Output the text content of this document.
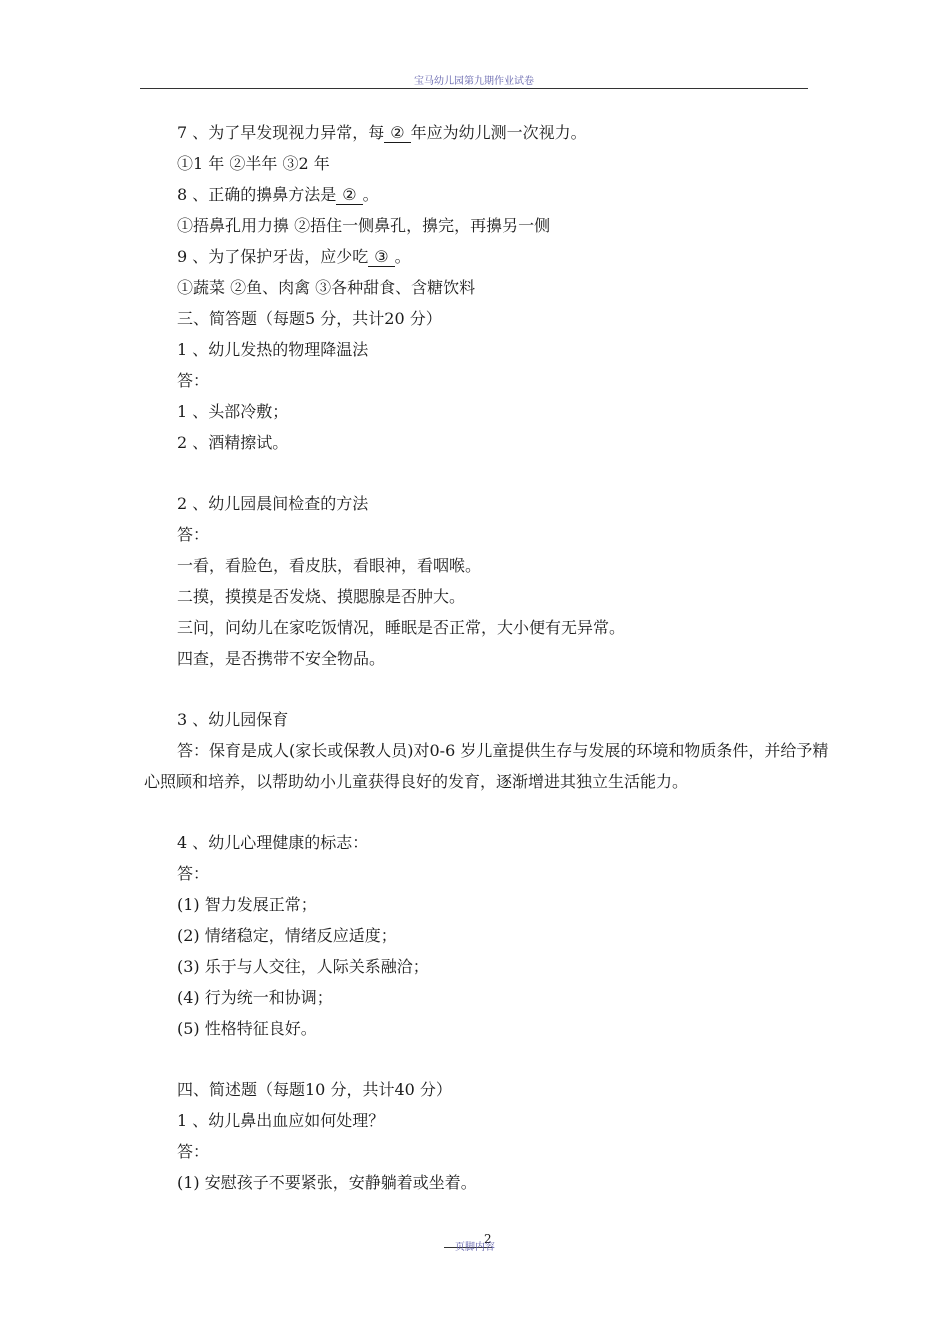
宝马幼儿园第九期作业试卷
7 、为了早发现视力异常，每 ② 年应为幼儿测一次视力。
①1 年 ②半年 ③2 年
8 、正确的擤鼻方法是 ② 。
①捂鼻孔用力擤 ②捂住一侧鼻孔，擤完，再擤另一侧
9 、为了保护牙齿，应少吃 ③ 。
①蔬菜 ②鱼、肉禽 ③各种甜食、含糖饮料
三、简答题（每题5 分，共计20 分）
1 、幼儿发热的物理降温法
答：
1 、头部冷敷；
2 、酒精擦试。
2 、幼儿园晨间检查的方法
答：
一看，看脸色，看皮肤，看眼神，看咽喉。
二摸，摸摸是否发烧、摸腮腺是否肿大。
三问，问幼儿在家吃饭情况，睡眠是否正常，大小便有无异常。
四查，是否携带不安全物品。
3 、幼儿园保育
答：保育是成人(家长或保教人员)对0-6 岁儿童提供生存与发展的环境和物质条件，并给予精心照顾和培养，以帮助幼小儿童获得良好的发育，逐渐增进其独立生活能力。
4 、幼儿心理健康的标志：
答：
(1) 智力发展正常；
(2) 情绪稳定，情绪反应适度；
(3) 乐于与人交往，人际关系融洽；
(4) 行为统一和协调；
(5) 性格特征良好。
四、简述题（每题10 分，共计40 分）
1 、幼儿鼻出血应如何处理？
答：
(1) 安慰孩子不要紧张，安静躺着或坐着。
2
页脚内容
